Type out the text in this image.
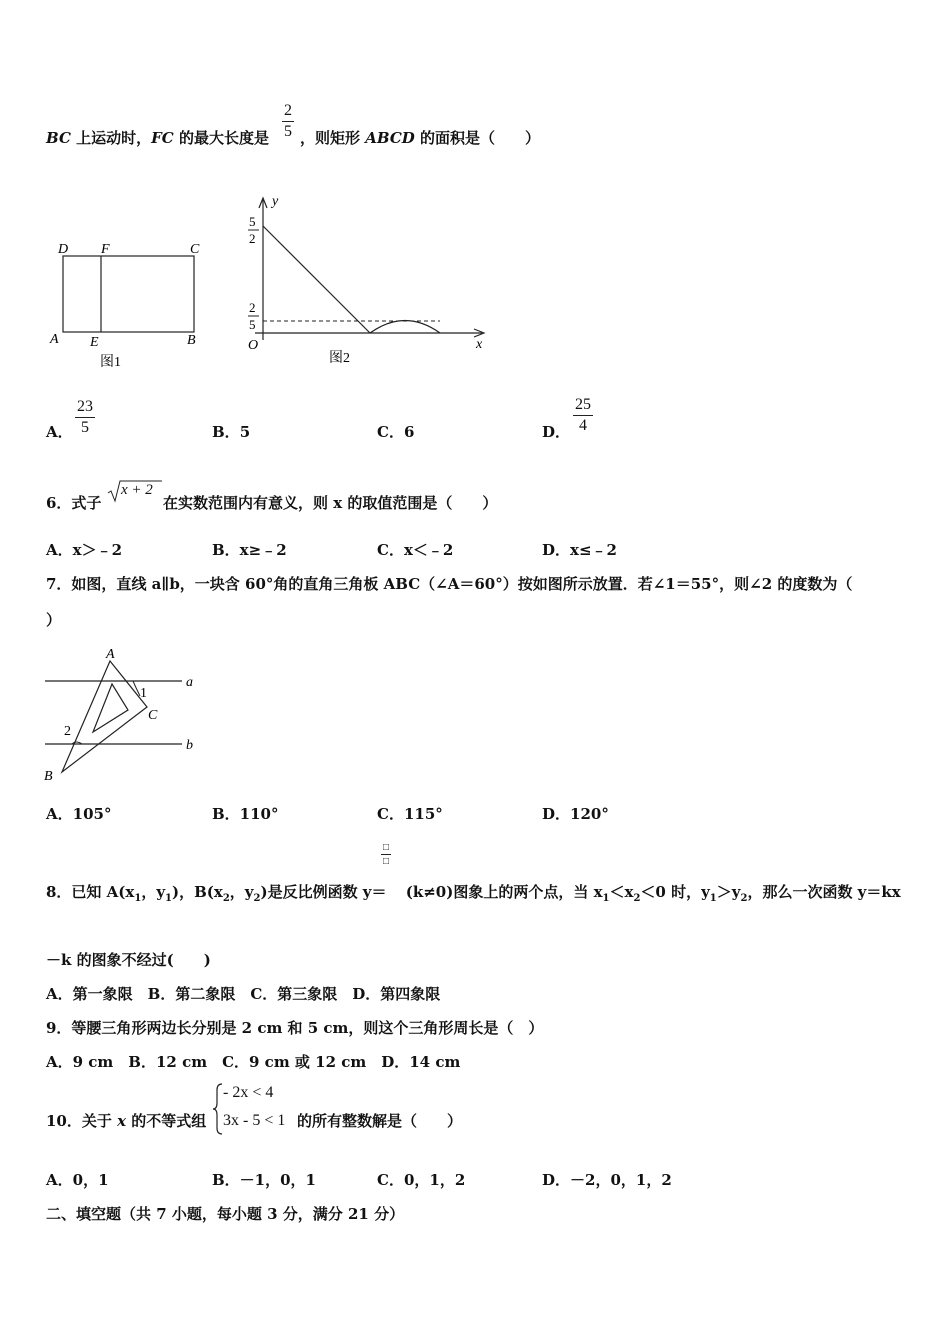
BC 上运动时，FC 的最大长度是 $\frac{2}{5}$ ，则矩形 ABCD 的面积是（　　）
D F	C
A E	B
图1
y
x
O
5
2
2
5
图2
A． $\frac{23}{5}$	B．5	C．6	D． $\frac{25}{4}$
6．式子
x + 2
在实数范围内有意义，则 x 的取值范围是（　　）
A．x＞﹣2	B．x≥﹣2	C．x＜﹣2	D．x≤﹣2
7．如图，直线 a∥b，一块含 60°角的直角三角板 ABC（∠A＝60°）按如图所示放置．若∠1＝55°，则∠2 的度数为（
）
a
b
A
B
C
1
2
A．105°	B．110°	C．115°	D．120°
□
□
8．已知 $A(x_1$，$y_1$)，$B(x_2$，$y_2$)是反比例函数 y＝ (k≠0)图象上的两个点，当 $x_1<x_2<0$ 时，$y_1>y_2$，那么一次函数 y＝kx
－k 的图象不经过(　　)
A．第一象限　B．第二象限　C．第三象限　D．第四象限
9．等腰三角形两边长分别是 2 cm 和 5 cm，则这个三角形周长是（　）
A．9 cm　B．12 cm　C．9 cm 或 12 cm　D．14 cm
10．关于 x 的不等式组
- 2x < 4
3x - 5 < 1 的所有整数解是（　　）
A．0，1	B．－1，0，1	C．0，1，2	D．－2，0，1，2
二、填空题（共 7 小题，每小题 3 分，满分 21 分）
